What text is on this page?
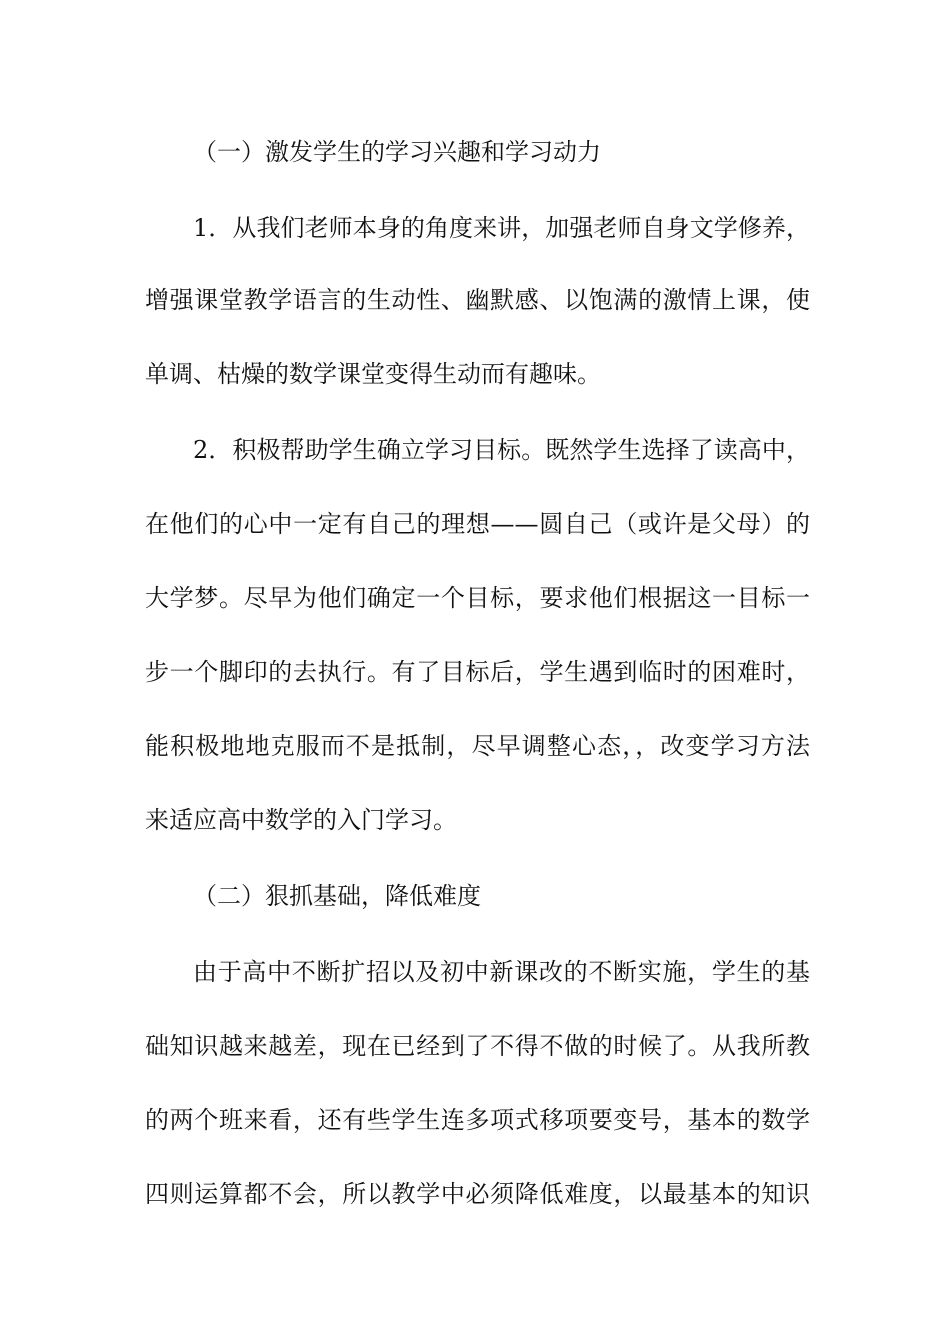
（一）激发学生的学习兴趣和学习动力
1．从我们老师本身的角度来讲，加强老师自身文学修养，
增强课堂教学语言的生动性、幽默感、以饱满的激情上课，使
单调、枯燥的数学课堂变得生动而有趣味。
2．积极帮助学生确立学习目标。既然学生选择了读高中，
在他们的心中一定有自己的理想——圆自己（或许是父母）的
大学梦。尽早为他们确定一个目标，要求他们根据这一目标一
步一个脚印的去执行。有了目标后，学生遇到临时的困难时，
能积极地地克服而不是抵制，尽早调整心态，，改变学习方法
来适应高中数学的入门学习。
（二）狠抓基础，降低难度
由于高中不断扩招以及初中新课改的不断实施，学生的基
础知识越来越差，现在已经到了不得不做的时候了。从我所教
的两个班来看，还有些学生连多项式移项要变号，基本的数学
四则运算都不会，所以教学中必须降低难度，以最基本的知识
